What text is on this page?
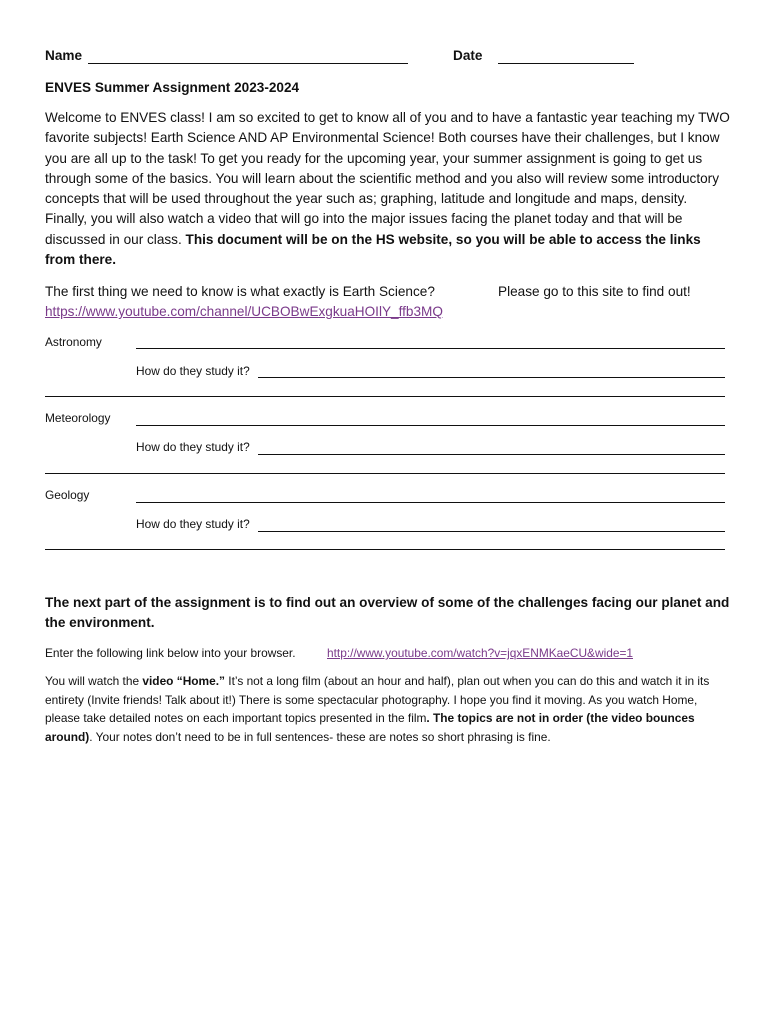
Name	Date
ENVES Summer Assignment 2023-2024
Welcome to ENVES class! I am so excited to get to know all of you and to have a fantastic year teaching my TWO favorite subjects! Earth Science AND AP Environmental Science! Both courses have their challenges, but I know you are all up to the task! To get you ready for the upcoming year, your summer assignment is going to get us through some of the basics. You will learn about the scientific method and you also will review some introductory concepts that will be used throughout the year such as; graphing, latitude and longitude and maps, density. Finally, you will also watch a video that will go into the major issues facing the planet today and that will be discussed in our class. This document will be on the HS website, so you will be able to access the links from there.
The first thing we need to know is what exactly is Earth Science?	Please go to this site to find out!
https://www.youtube.com/channel/UCBOBwExgkuaHOIlY_ffb3MQ
Astronomy
How do they study it?
Meteorology
How do they study it?
Geology
How do they study it?
The next part of the assignment is to find out an overview of some of the challenges facing our planet and the environment.
Enter the following link below into your browser.	http://www.youtube.com/watch?v=jqxENMKaeCU&wide=1
You will watch the video “Home.” It’s not a long film (about an hour and half), plan out when you can do this and watch it in its entirety (Invite friends! Talk about it!) There is some spectacular photography. I hope you find it moving. As you watch Home, please take detailed notes on each important topics presented in the film. The topics are not in order (the video bounces around). Your notes don’t need to be in full sentences- these are notes so short phrasing is fine.
